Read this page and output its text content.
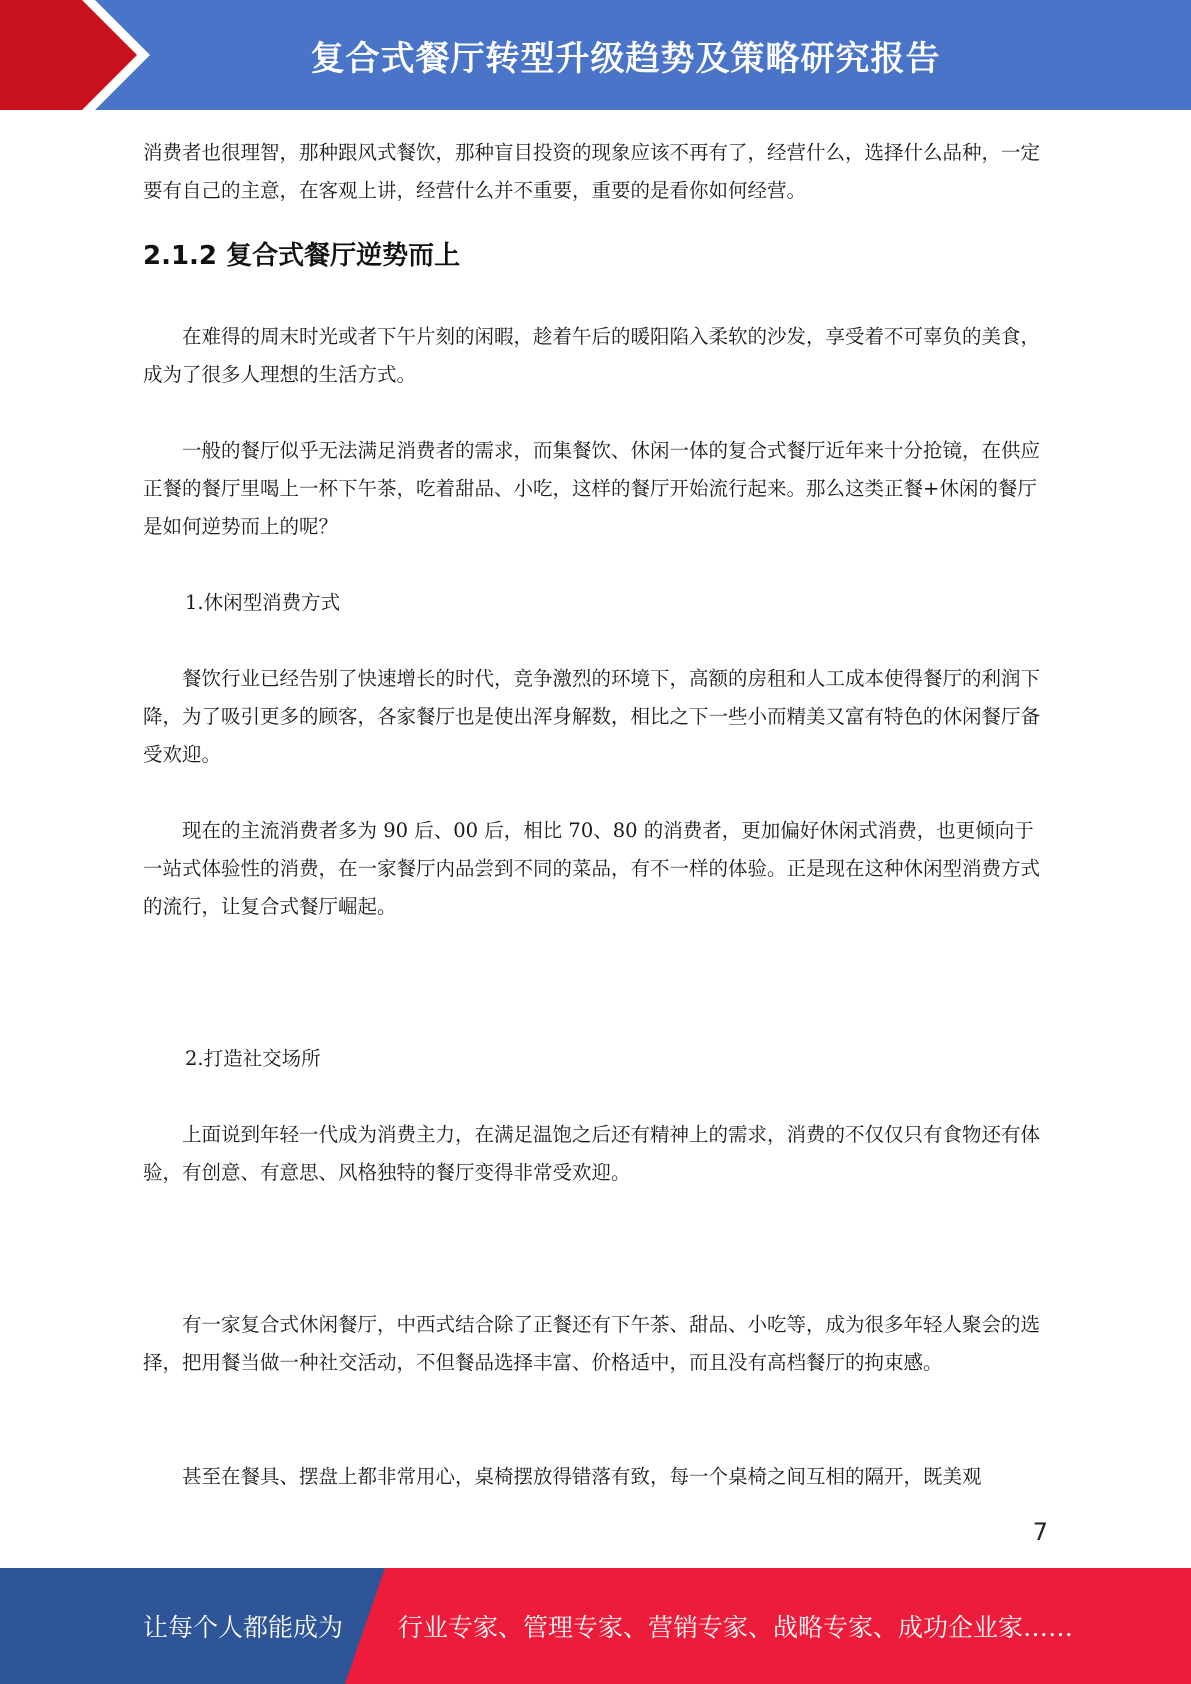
复合式餐厅转型升级趋势及策略研究报告

消费者也很理智，那种跟风式餐饮，那种盲目投资的现象应该不再有了，经营什么，选择什么品种，一定要有自己的主意，在客观上讲，经营什么并不重要，重要的是看你如何经营。

2.1.2 复合式餐厅逆势而上

在难得的周末时光或者下午片刻的闲暇，趁着午后的暖阳陷入柔软的沙发，享受着不可辜负的美食，成为了很多人理想的生活方式。

一般的餐厅似乎无法满足消费者的需求，而集餐饮、休闲一体的复合式餐厅近年来十分抢镜，在供应正餐的餐厅里喝上一杯下午茶，吃着甜品、小吃，这样的餐厅开始流行起来。那么这类正餐+休闲的餐厅是如何逆势而上的呢？

1.休闲型消费方式

餐饮行业已经告别了快速增长的时代，竞争激烈的环境下，高额的房租和人工成本使得餐厅的利润下降，为了吸引更多的顾客，各家餐厅也是使出浑身解数，相比之下一些小而精美又富有特色的休闲餐厅备受欢迎。

现在的主流消费者多为 90 后、00 后，相比 70、80 的消费者，更加偏好休闲式消费，也更倾向于一站式体验性的消费，在一家餐厅内品尝到不同的菜品，有不一样的体验。正是现在这种休闲型消费方式的流行，让复合式餐厅崛起。

2.打造社交场所

上面说到年轻一代成为消费主力，在满足温饱之后还有精神上的需求，消费的不仅仅只有食物还有体验，有创意、有意思、风格独特的餐厅变得非常受欢迎。

有一家复合式休闲餐厅，中西式结合除了正餐还有下午茶、甜品、小吃等，成为很多年轻人聚会的选择，把用餐当做一种社交活动，不但餐品选择丰富、价格适中，而且没有高档餐厅的拘束感。

甚至在餐具、摆盘上都非常用心，桌椅摆放得错落有致，每一个桌椅之间互相的隔开，既美观

7
让每个人都能成为 行业专家、管理专家、营销专家、战略专家、成功企业家……
